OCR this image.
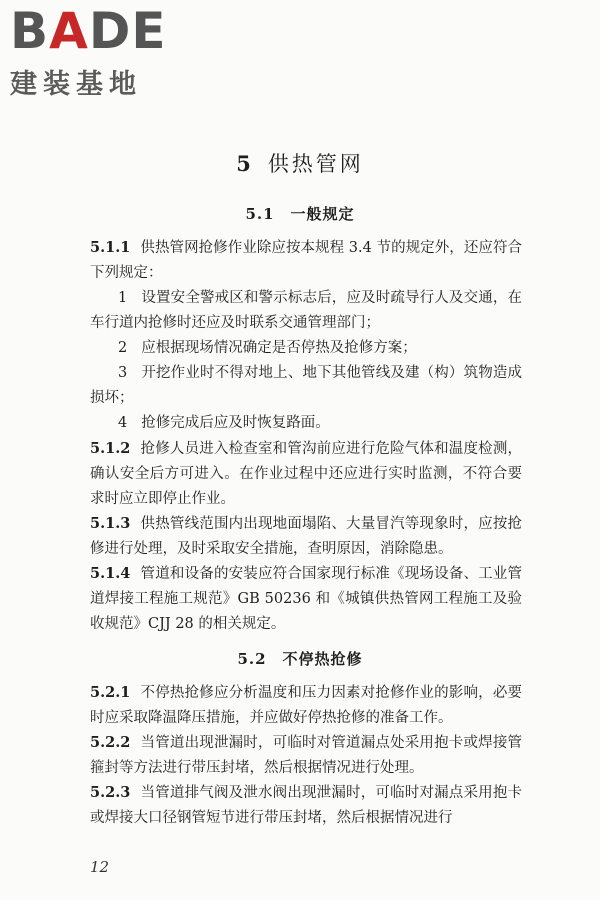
BADE
建装基地
5 供热管网
5.1 一般规定
5.1.1 供热管网抢修作业除应按本规程 3.4 节的规定外，还应符合下列规定：
1 设置安全警戒区和警示标志后，应及时疏导行人及交通，在车行道内抢修时还应及时联系交通管理部门；
2 应根据现场情况确定是否停热及抢修方案；
3 开挖作业时不得对地上、地下其他管线及建（构）筑物造成损坏；
4 抢修完成后应及时恢复路面。
5.1.2 抢修人员进入检查室和管沟前应进行危险气体和温度检测，确认安全后方可进入。在作业过程中还应进行实时监测，不符合要求时应立即停止作业。
5.1.3 供热管线范围内出现地面塌陷、大量冒汽等现象时，应按抢修进行处理，及时采取安全措施，查明原因，消除隐患。
5.1.4 管道和设备的安装应符合国家现行标准《现场设备、工业管道焊接工程施工规范》GB 50236 和《城镇供热管网工程施工及验收规范》CJJ 28 的相关规定。
5.2 不停热抢修
5.2.1 不停热抢修应分析温度和压力因素对抢修作业的影响，必要时应采取降温降压措施，并应做好停热抢修的准备工作。
5.2.2 当管道出现泄漏时，可临时对管道漏点处采用抱卡或焊接管箍封等方法进行带压封堵，然后根据情况进行处理。
5.2.3 当管道排气阀及泄水阀出现泄漏时，可临时对漏点采用抱卡或焊接大口径钢管短节进行带压封堵，然后根据情况进行
12
